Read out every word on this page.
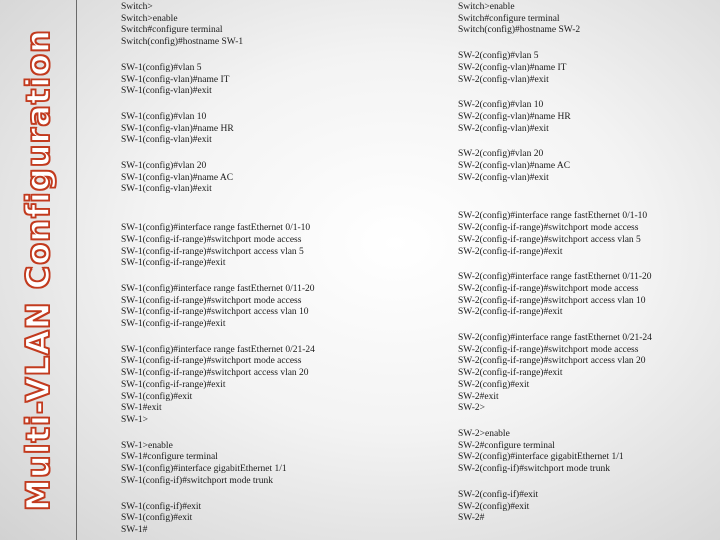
Multi-VLAN Configuration
Switch>
Switch>enable
Switch#configure terminal
Switch(config)#hostname SW-1
SW-1(config)#vlan 5
SW-1(config-vlan)#name IT
SW-1(config-vlan)#exit
SW-1(config)#vlan 10
SW-1(config-vlan)#name HR
SW-1(config-vlan)#exit
SW-1(config)#vlan 20
SW-1(config-vlan)#name AC
SW-1(config-vlan)#exit
SW-1(config)#interface range fastEthernet 0/1-10
SW-1(config-if-range)#switchport mode access
SW-1(config-if-range)#switchport access vlan 5
SW-1(config-if-range)#exit
SW-1(config)#interface range fastEthernet 0/11-20
SW-1(config-if-range)#switchport mode access
SW-1(config-if-range)#switchport access vlan 10
SW-1(config-if-range)#exit
SW-1(config)#interface range fastEthernet 0/21-24
SW-1(config-if-range)#switchport mode access
SW-1(config-if-range)#switchport access vlan 20
SW-1(config-if-range)#exit
SW-1(config)#exit
SW-1#exit
SW-1>
SW-1>enable
SW-1#configure terminal
SW-1(config)#interface gigabitEthernet 1/1
SW-1(config-if)#switchport mode trunk
SW-1(config-if)#exit
SW-1(config)#exit
SW-1#
Switch>enable
Switch#configure terminal
Switch(config)#hostname SW-2
SW-2(config)#vlan 5
SW-2(config-vlan)#name IT
SW-2(config-vlan)#exit
SW-2(config)#vlan 10
SW-2(config-vlan)#name HR
SW-2(config-vlan)#exit
SW-2(config)#vlan 20
SW-2(config-vlan)#name AC
SW-2(config-vlan)#exit
SW-2(config)#interface range fastEthernet 0/1-10
SW-2(config-if-range)#switchport mode access
SW-2(config-if-range)#switchport access vlan 5
SW-2(config-if-range)#exit
SW-2(config)#interface range fastEthernet 0/11-20
SW-2(config-if-range)#switchport mode access
SW-2(config-if-range)#switchport access vlan 10
SW-2(config-if-range)#exit
SW-2(config)#interface range fastEthernet 0/21-24
SW-2(config-if-range)#switchport mode access
SW-2(config-if-range)#switchport access vlan 20
SW-2(config-if-range)#exit
SW-2(config)#exit
SW-2#exit
SW-2>
SW-2>enable
SW-2#configure terminal
SW-2(config)#interface gigabitEthernet 1/1
SW-2(config-if)#switchport mode trunk
SW-2(config-if)#exit
SW-2(config)#exit
SW-2#
